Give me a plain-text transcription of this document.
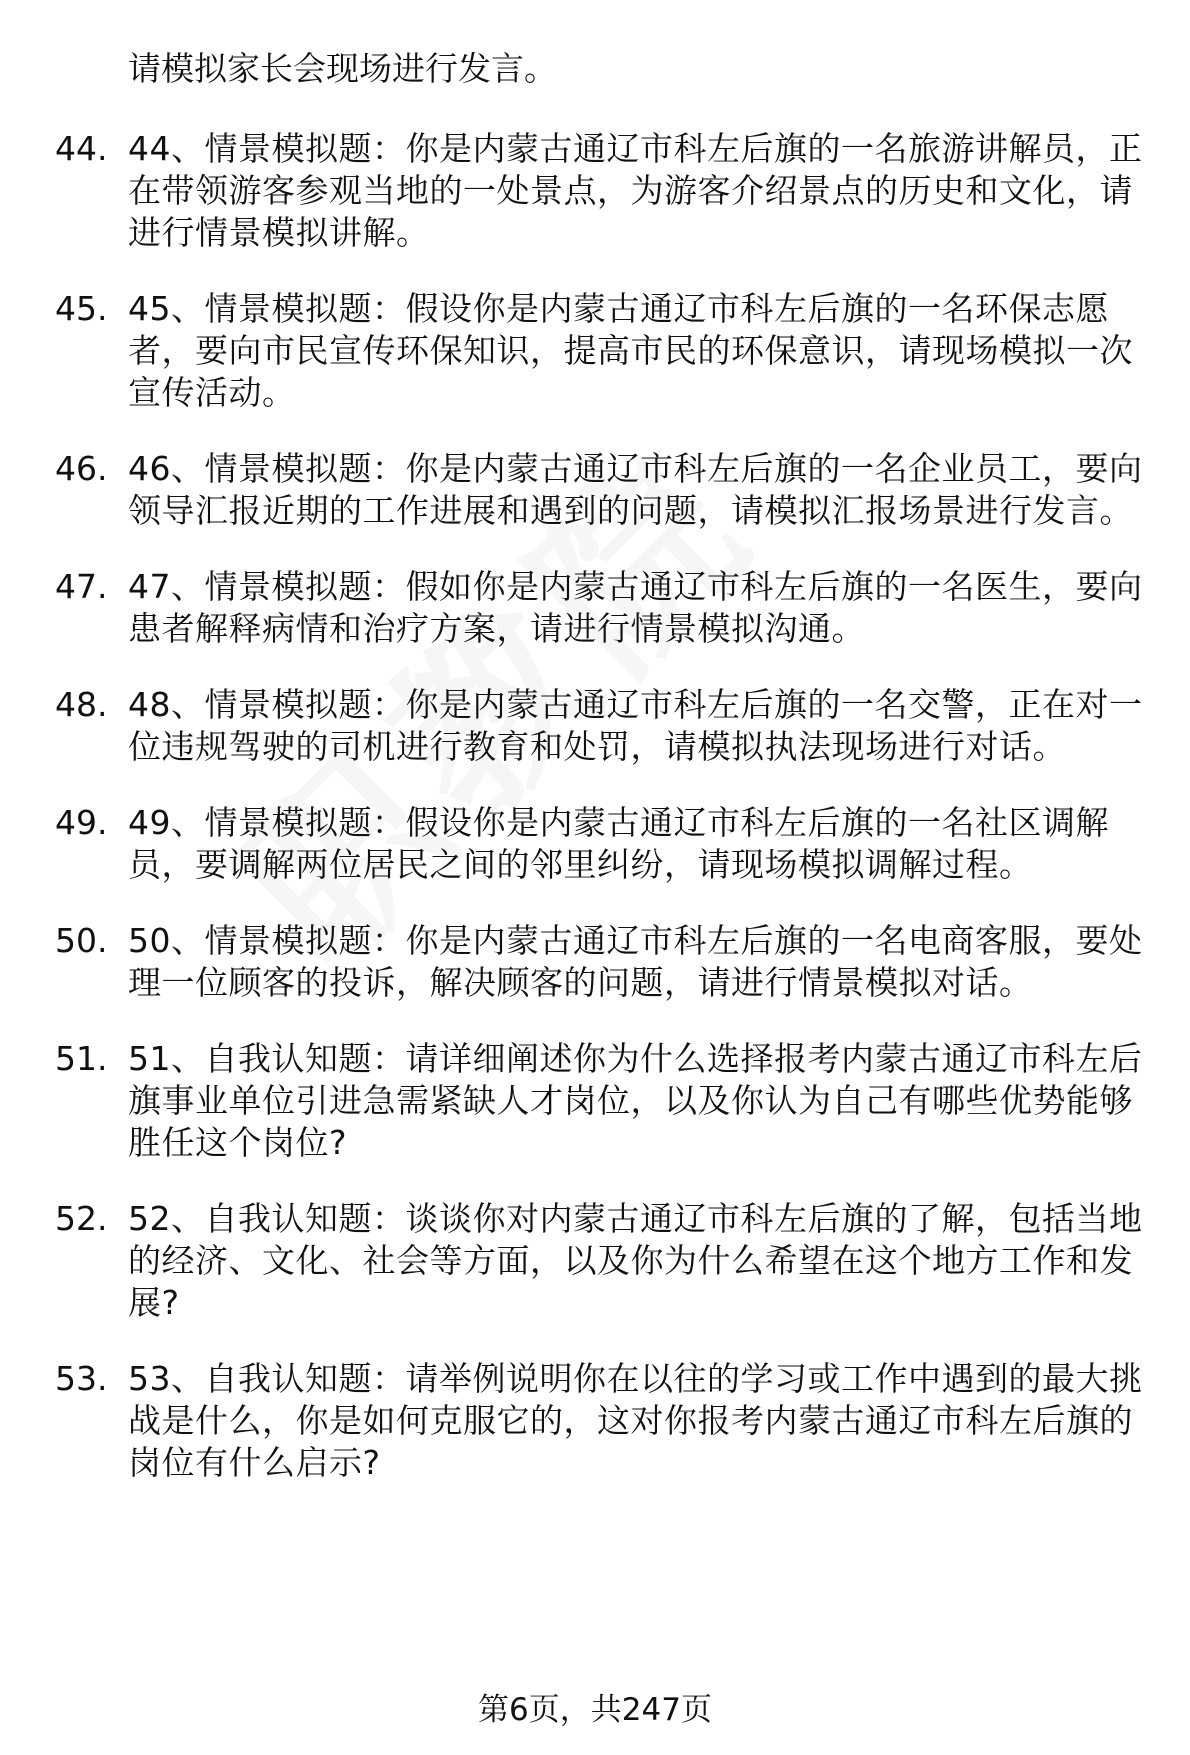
请模拟家长会现场进行发言。
44. 44、情景模拟题：你是内蒙古通辽市科左后旗的一名旅游讲解员，正在带领游客参观当地的一处景点，为游客介绍景点的历史和文化，请进行情景模拟讲解。
45. 45、情景模拟题：假设你是内蒙古通辽市科左后旗的一名环保志愿者，要向市民宣传环保知识，提高市民的环保意识，请现场模拟一次宣传活动。
46. 46、情景模拟题：你是内蒙古通辽市科左后旗的一名企业员工，要向领导汇报近期的工作进展和遇到的问题，请模拟汇报场景进行发言。
47. 47、情景模拟题：假如你是内蒙古通辽市科左后旗的一名医生，要向患者解释病情和治疗方案，请进行情景模拟沟通。
48. 48、情景模拟题：你是内蒙古通辽市科左后旗的一名交警，正在对一位违规驾驶的司机进行教育和处罚，请模拟执法现场进行对话。
49. 49、情景模拟题：假设你是内蒙古通辽市科左后旗的一名社区调解员，要调解两位居民之间的邻里纠纷，请现场模拟调解过程。
50. 50、情景模拟题：你是内蒙古通辽市科左后旗的一名电商客服，要处理一位顾客的投诉，解决顾客的问题，请进行情景模拟对话。
51. 51、自我认知题：请详细阐述你为什么选择报考内蒙古通辽市科左后旗事业单位引进急需紧缺人才岗位，以及你认为自己有哪些优势能够胜任这个岗位?
52. 52、自我认知题：谈谈你对内蒙古通辽市科左后旗的了解，包括当地的经济、文化、社会等方面，以及你为什么希望在这个地方工作和发展?
53. 53、自我认知题：请举例说明你在以往的学习或工作中遇到的最大挑战是什么，你是如何克服它的，这对你报考内蒙古通辽市科左后旗的岗位有什么启示?
第6页，共247页
